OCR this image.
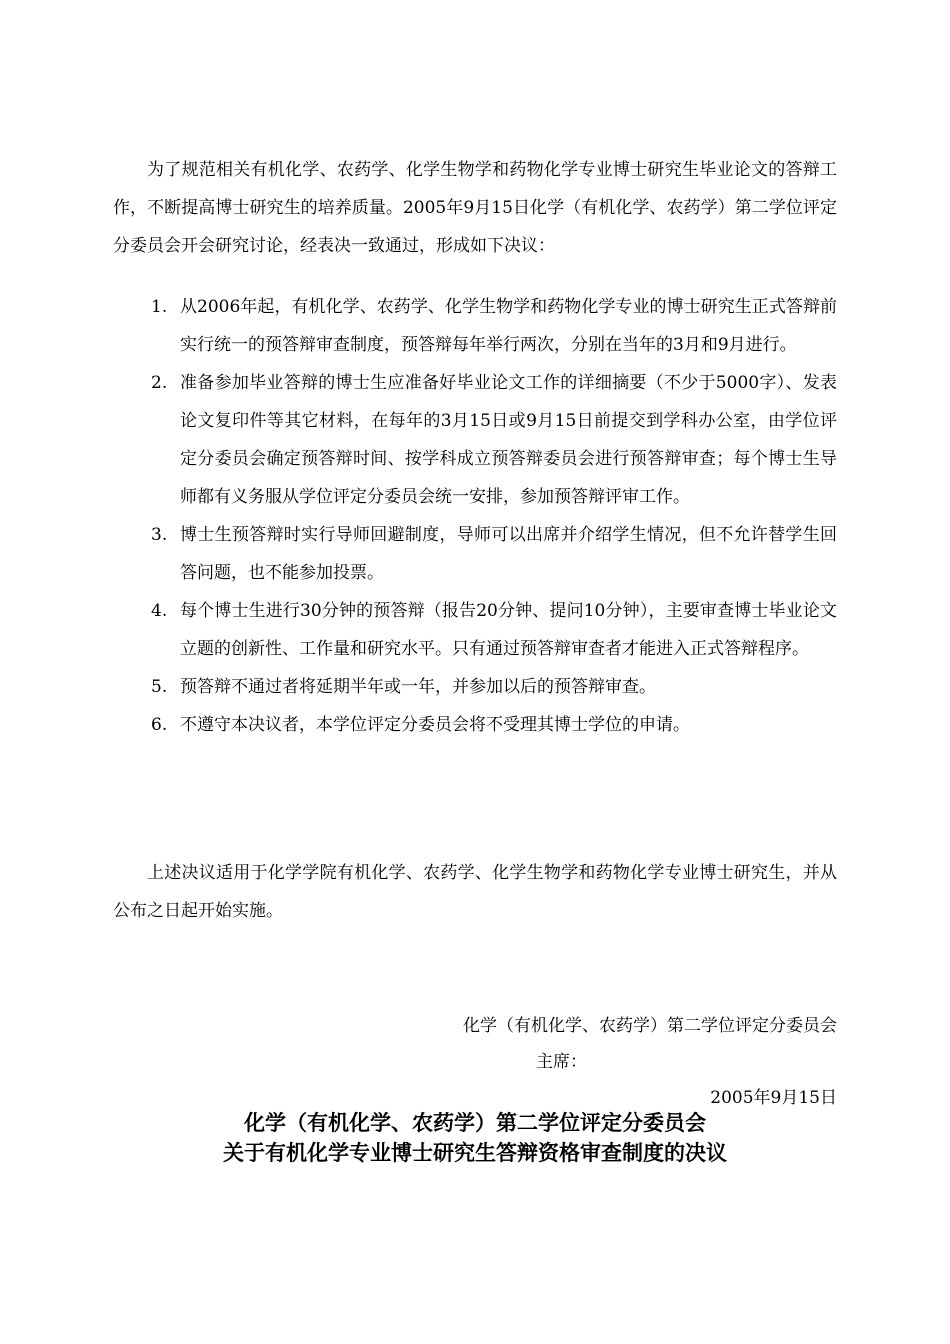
为了规范相关有机化学、农药学、化学生物学和药物化学专业博士研究生毕业论文的答辩工作，不断提高博士研究生的培养质量。2005年9月15日化学（有机化学、农药学）第二学位评定分委员会开会研究讨论，经表决一致通过，形成如下决议：

1. 从2006年起，有机化学、农药学、化学生物学和药物化学专业的博士研究生正式答辩前实行统一的预答辩审查制度，预答辩每年举行两次，分别在当年的3月和9月进行。
2. 准备参加毕业答辩的博士生应准备好毕业论文工作的详细摘要（不少于5000字）、发表论文复印件等其它材料，在每年的3月15日或9月15日前提交到学科办公室，由学位评定分委员会确定预答辩时间、按学科成立预答辩委员会进行预答辩审查；每个博士生导师都有义务服从学位评定分委员会统一安排，参加预答辩评审工作。
3. 博士生预答辩时实行导师回避制度，导师可以出席并介绍学生情况，但不允许替学生回答问题，也不能参加投票。
4. 每个博士生进行30分钟的预答辩（报告20分钟、提问10分钟），主要审查博士毕业论文立题的创新性、工作量和研究水平。只有通过预答辩审查者才能进入正式答辩程序。
5. 预答辩不通过者将延期半年或一年，并参加以后的预答辩审查。
6. 不遵守本决议者，本学位评定分委员会将不受理其博士学位的申请。

上述决议适用于化学学院有机化学、农药学、化学生物学和药物化学专业博士研究生，并从公布之日起开始实施。

化学（有机化学、农药学）第二学位评定分委员会
主席：
2005年9月15日
化学（有机化学、农药学）第二学位评定分委员会
关于有机化学专业博士研究生答辩资格审查制度的决议
